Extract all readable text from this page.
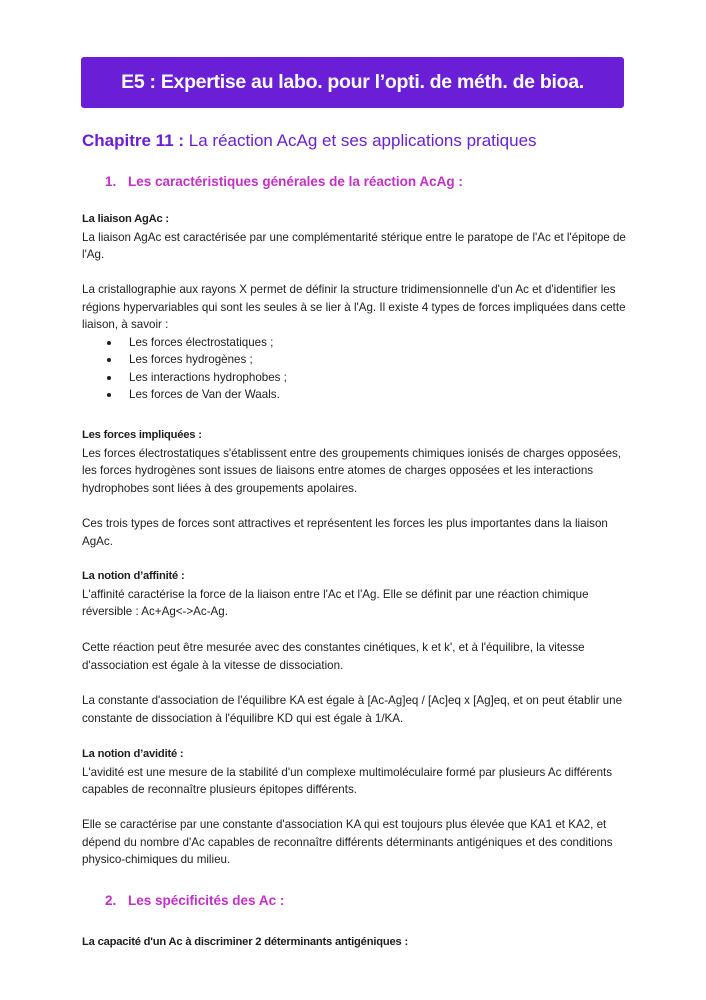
E5 : Expertise au labo. pour l’opti. de méth. de bioa.
Chapitre 11 : La réaction AcAg et ses applications pratiques
1. Les caractéristiques générales de la réaction AcAg :

La liaison AgAc :

La liaison AgAc est caractérisée par une complémentarité stérique entre le paratope de l'Ac et l'épitope de l'Ag.

La cristallographie aux rayons X permet de définir la structure tridimensionnelle d'un Ac et d'identifier les régions hypervariables qui sont les seules à se lier à l'Ag. Il existe 4 types de forces impliquées dans cette liaison, à savoir :

Les forces électrostatiques ;
Les forces hydrogènes ;
Les interactions hydrophobes ;
Les forces de Van der Waals.

Les forces impliquées :

Les forces électrostatiques s'établissent entre des groupements chimiques ionisés de charges opposées, les forces hydrogènes sont issues de liaisons entre atomes de charges opposées et les interactions hydrophobes sont liées à des groupements apolaires.

Ces trois types de forces sont attractives et représentent les forces les plus importantes dans la liaison AgAc.

La notion d’affinité :

L'affinité caractérise la force de la liaison entre l'Ac et l'Ag. Elle se définit par une réaction chimique réversible : Ac+Ag<->Ac-Ag.

Cette réaction peut être mesurée avec des constantes cinétiques, k et k', et à l'équilibre, la vitesse d'association est égale à la vitesse de dissociation.

La constante d'association de l'équilibre KA est égale à [Ac-Ag]eq / [Ac]eq x [Ag]eq, et on peut établir une constante de dissociation à l'équilibre KD qui est égale à 1/KA.

La notion d’avidité :

L'avidité est une mesure de la stabilité d'un complexe multimoléculaire formé par plusieurs Ac différents capables de reconnaître plusieurs épitopes différents.

Elle se caractérise par une constante d'association KA qui est toujours plus élevée que KA1 et KA2, et dépend du nombre d'Ac capables de reconnaître différents déterminants antigéniques et des conditions physico-chimiques du milieu.

2. Les spécificités des Ac :

La capacité d'un Ac à discriminer 2 déterminants antigéniques :
